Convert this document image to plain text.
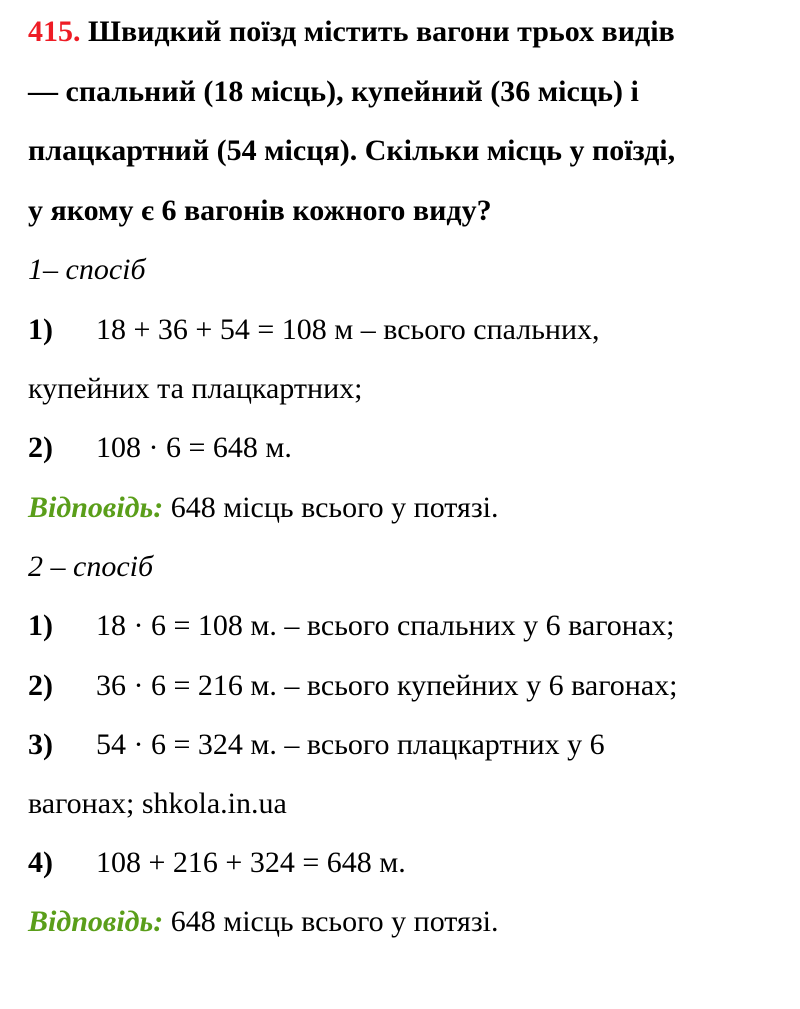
415. Швидкий поїзд містить вагони трьох видів
— спальний (18 місць), купейний (36 місць) і
плацкартний (54 місця). Скільки місць у поїзді,
у якому є 6 вагонів кожного виду?
1– спосіб
1) 18 + 36 + 54 = 108 м – всього спальних,
купейних та плацкартних;
2) 108 · 6 = 648 м.
Відповідь: 648 місць всього у потязі.
2 – спосіб
1) 18 · 6 = 108 м. – всього спальних у 6 вагонах;
2) 36 · 6 = 216 м. – всього купейних у 6 вагонах;
3) 54 · 6 = 324 м. – всього плацкартних у 6
вагонах; shkola.in.ua
4) 108 + 216 + 324 = 648 м.
Відповідь: 648 місць всього у потязі.
